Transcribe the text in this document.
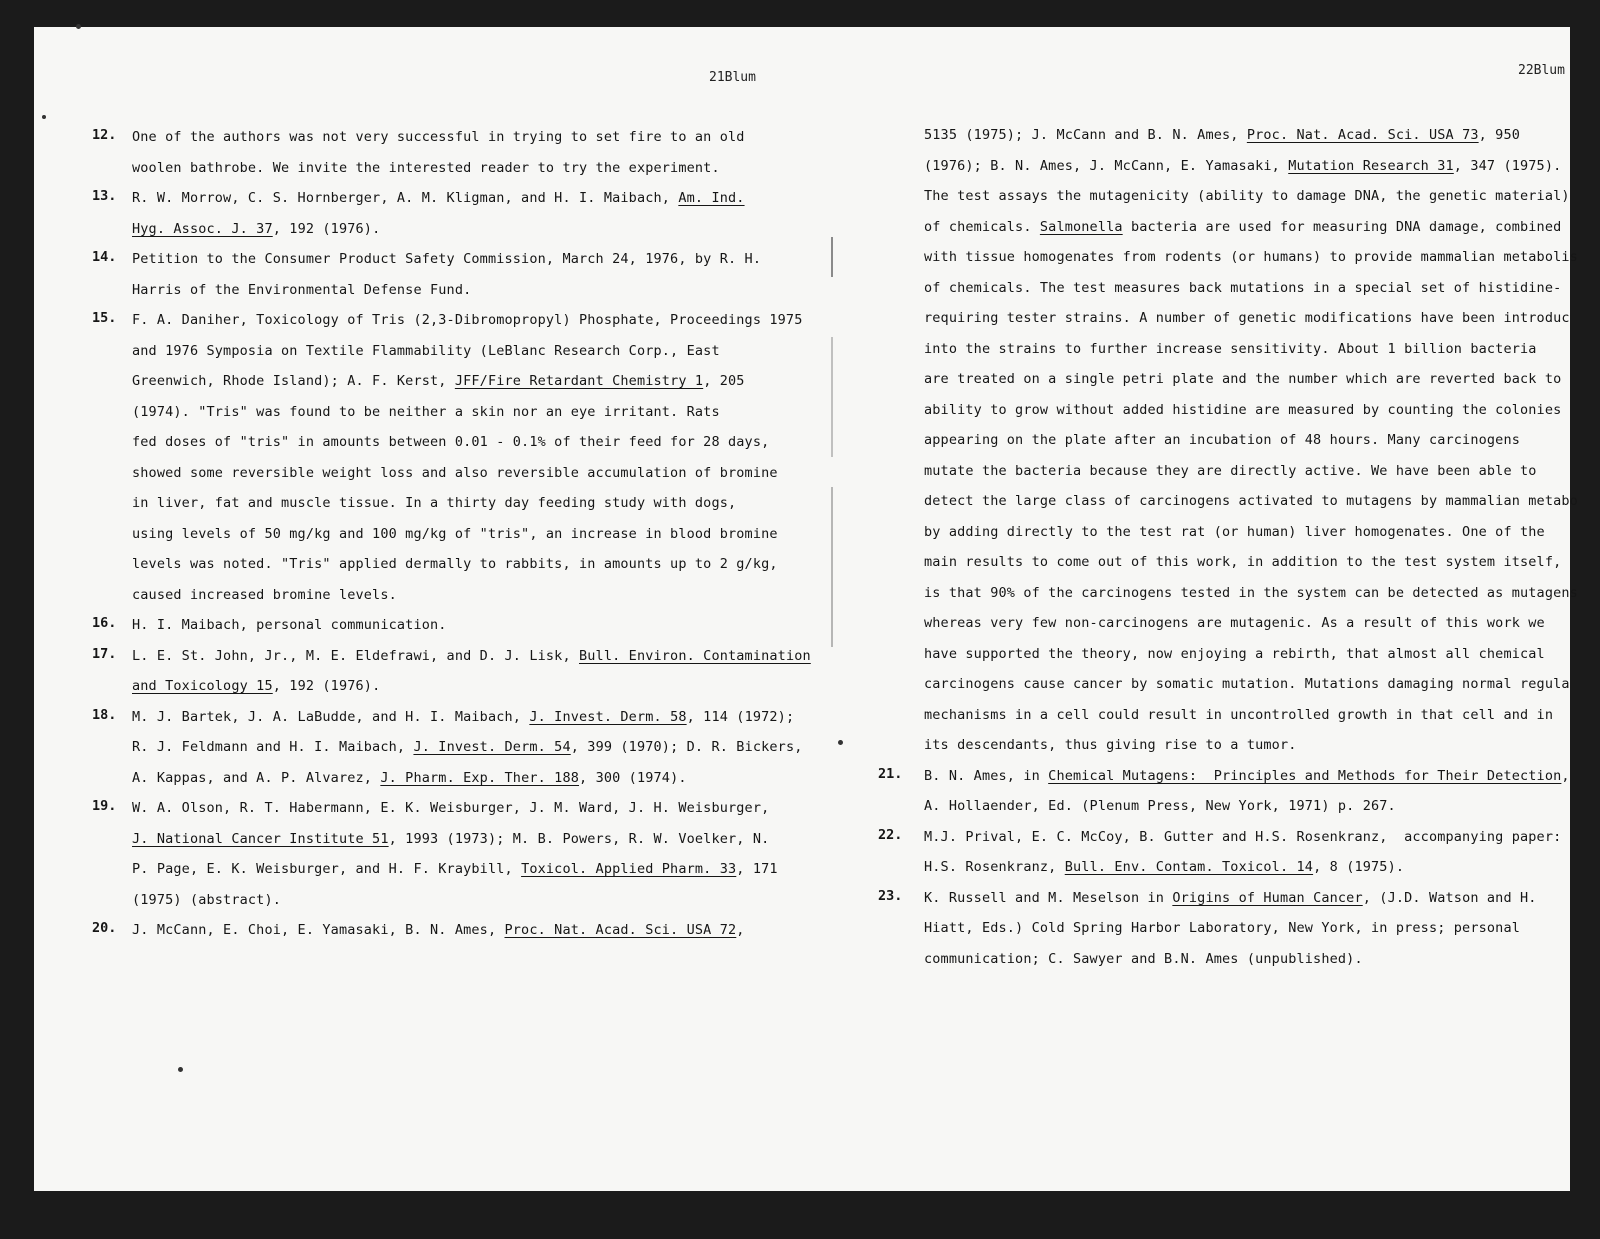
21Blum	22Blum
12.	One of the authors was not very successful in trying to set fire to an old
woolen bathrobe. We invite the interested reader to try the experiment.
13.	R. W. Morrow, C. S. Hornberger, A. M. Kligman, and H. I. Maibach, Am. Ind.
Hyg. Assoc. J. 37, 192 (1976).
14.	Petition to the Consumer Product Safety Commission, March 24, 1976, by R. H.
Harris of the Environmental Defense Fund.
15.	F. A. Daniher, Toxicology of Tris (2,3-Dibromopropyl) Phosphate, Proceedings 1975
and 1976 Symposia on Textile Flammability (LeBlanc Research Corp., East
Greenwich, Rhode Island); A. F. Kerst, JFF/Fire Retardant Chemistry 1, 205
(1974). "Tris" was found to be neither a skin nor an eye irritant. Rats
fed doses of "tris" in amounts between 0.01 - 0.1% of their feed for 28 days,
showed some reversible weight loss and also reversible accumulation of bromine
in liver, fat and muscle tissue. In a thirty day feeding study with dogs,
using levels of 50 mg/kg and 100 mg/kg of "tris", an increase in blood bromine
levels was noted. "Tris" applied dermally to rabbits, in amounts up to 2 g/kg,
caused increased bromine levels.
16.	H. I. Maibach, personal communication.
17.	L. E. St. John, Jr., M. E. Eldefrawi, and D. J. Lisk, Bull. Environ. Contamination
and Toxicology 15, 192 (1976).
18.	M. J. Bartek, J. A. LaBudde, and H. I. Maibach, J. Invest. Derm. 58, 114 (1972);
R. J. Feldmann and H. I. Maibach, J. Invest. Derm. 54, 399 (1970); D. R. Bickers,
A. Kappas, and A. P. Alvarez, J. Pharm. Exp. Ther. 188, 300 (1974).
19.	W. A. Olson, R. T. Habermann, E. K. Weisburger, J. M. Ward, J. H. Weisburger,
J. National Cancer Institute 51, 1993 (1973); M. B. Powers, R. W. Voelker, N.
P. Page, E. K. Weisburger, and H. F. Kraybill, Toxicol. Applied Pharm. 33, 171
(1975) (abstract).
20.	J. McCann, E. Choi, E. Yamasaki, B. N. Ames, Proc. Nat. Acad. Sci. USA 72,
5135 (1975); J. McCann and B. N. Ames, Proc. Nat. Acad. Sci. USA 73, 950
(1976); B. N. Ames, J. McCann, E. Yamasaki, Mutation Research 31, 347 (1975).
The test assays the mutagenicity (ability to damage DNA, the genetic material)
of chemicals. Salmonella bacteria are used for measuring DNA damage, combined
with tissue homogenates from rodents (or humans) to provide mammalian metabolis
of chemicals. The test measures back mutations in a special set of histidine-
requiring tester strains. A number of genetic modifications have been introduc
into the strains to further increase sensitivity. About 1 billion bacteria
are treated on a single petri plate and the number which are reverted back to
ability to grow without added histidine are measured by counting the colonies
appearing on the plate after an incubation of 48 hours. Many carcinogens
mutate the bacteria because they are directly active. We have been able to
detect the large class of carcinogens activated to mutagens by mammalian metabo
by adding directly to the test rat (or human) liver homogenates. One of the
main results to come out of this work, in addition to the test system itself,
is that 90% of the carcinogens tested in the system can be detected as mutagens
whereas very few non-carcinogens are mutagenic. As a result of this work we
have supported the theory, now enjoying a rebirth, that almost all chemical
carcinogens cause cancer by somatic mutation. Mutations damaging normal regula
mechanisms in a cell could result in uncontrolled growth in that cell and in
its descendants, thus giving rise to a tumor.
21.	B. N. Ames, in Chemical Mutagens:  Principles and Methods for Their Detection,
A. Hollaender, Ed. (Plenum Press, New York, 1971) p. 267.
22.	M.J. Prival, E. C. McCoy, B. Gutter and H.S. Rosenkranz,  accompanying paper:
H.S. Rosenkranz, Bull. Env. Contam. Toxicol. 14, 8 (1975).
23.	K. Russell and M. Meselson in Origins of Human Cancer, (J.D. Watson and H.
Hiatt, Eds.) Cold Spring Harbor Laboratory, New York, in press; personal
communication; C. Sawyer and B.N. Ames (unpublished).
